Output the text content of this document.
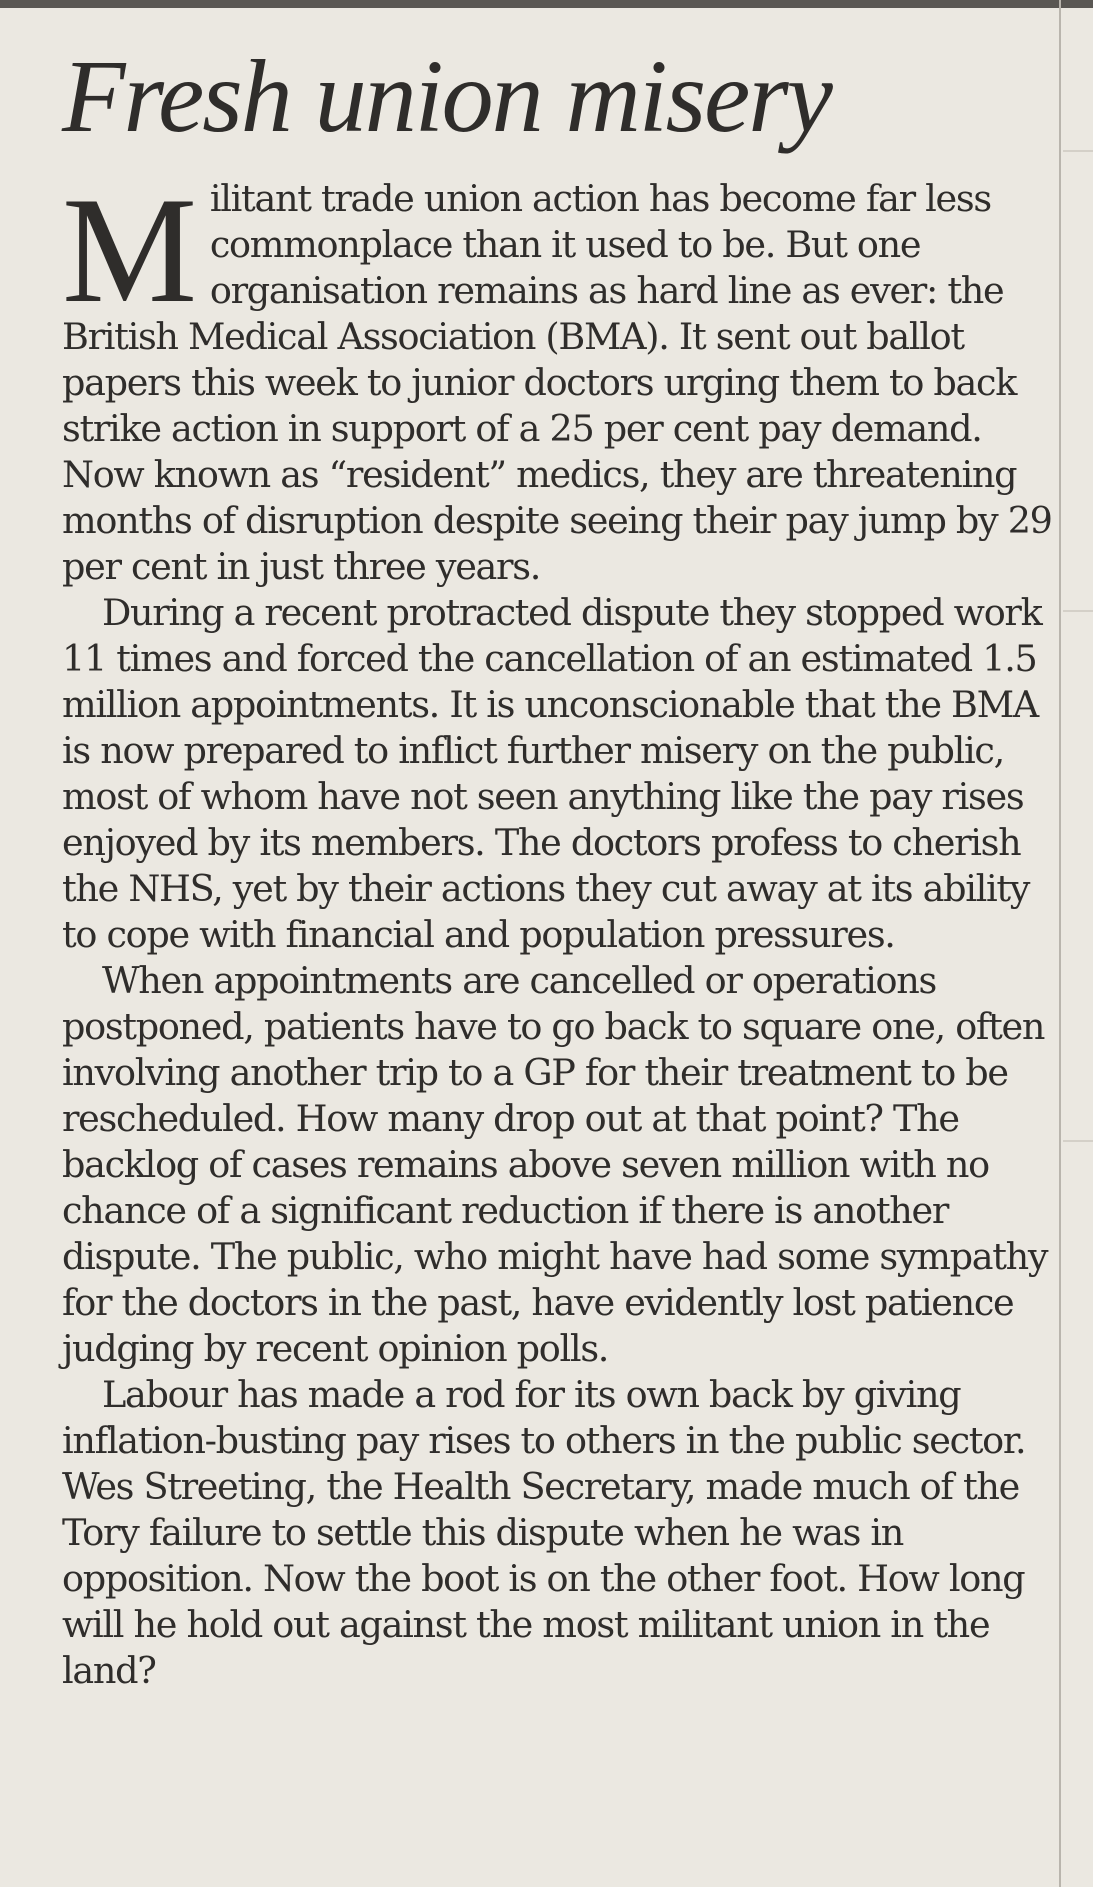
Fresh union misery

M ilitant trade union action has become far less commonplace than it used to be. But one organisation remains as hard line as ever: the British Medical Association (BMA). It sent out ballot papers this week to junior doctors urging them to back strike action in support of a 25 per cent pay demand. Now known as “resident” medics, they are threatening months of disruption despite seeing their pay jump by 29 per cent in just three years.

During a recent protracted dispute they stopped work 11 times and forced the cancellation of an estimated 1.5 million appointments. It is unconscionable that the BMA is now prepared to inflict further misery on the public, most of whom have not seen anything like the pay rises enjoyed by its members. The doctors profess to cherish the NHS, yet by their actions they cut away at its ability to cope with financial and population pressures.

When appointments are cancelled or operations postponed, patients have to go back to square one, often involving another trip to a GP for their treatment to be rescheduled. How many drop out at that point? The backlog of cases remains above seven million with no chance of a significant reduction if there is another dispute. The public, who might have had some sympathy for the doctors in the past, have evidently lost patience judging by recent opinion polls.

Labour has made a rod for its own back by giving inflation-busting pay rises to others in the public sector. Wes Streeting, the Health Secretary, made much of the Tory failure to settle this dispute when he was in opposition. Now the boot is on the other foot. How long will he hold out against the most militant union in the land?
